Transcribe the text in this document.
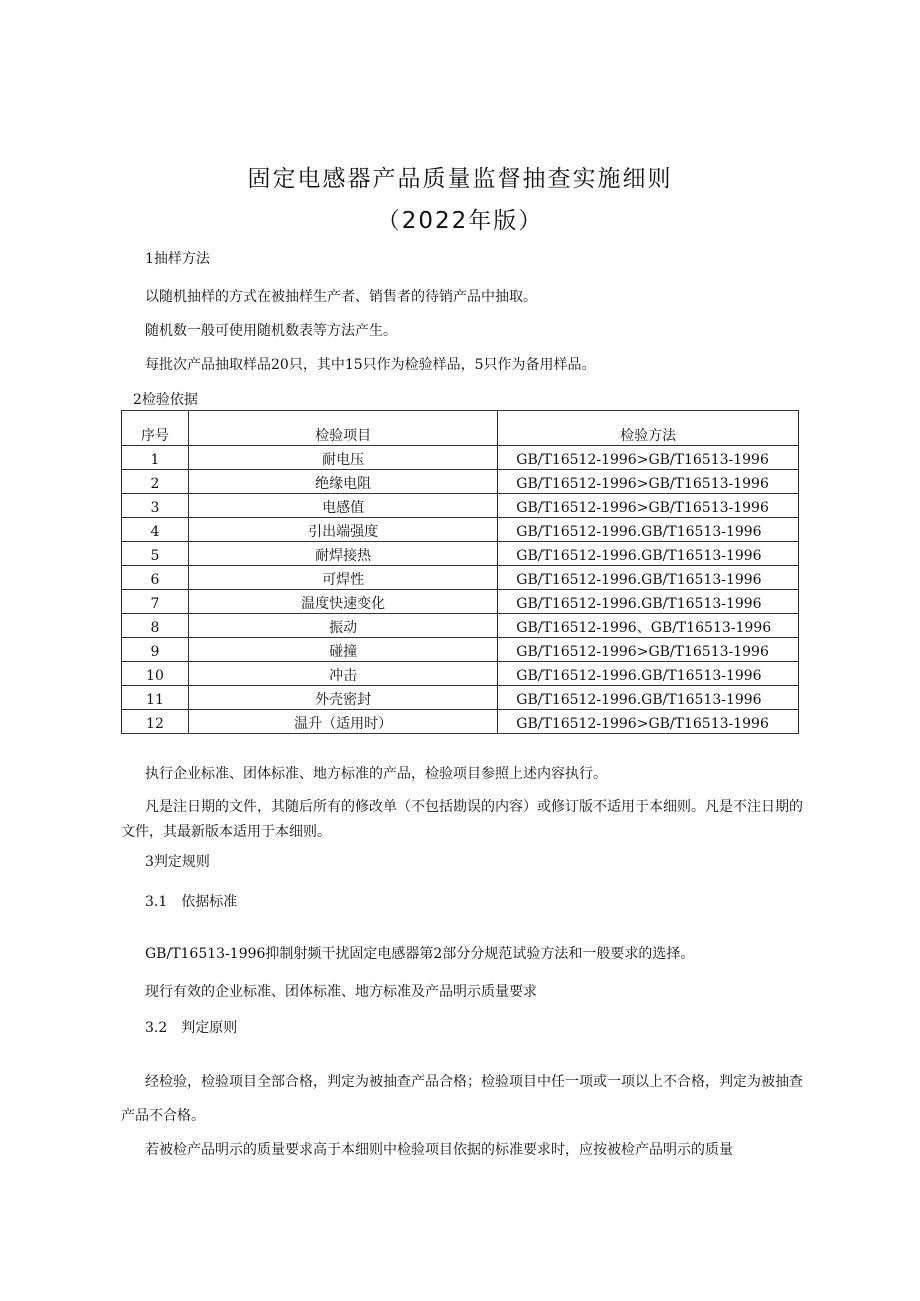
固定电感器产品质量监督抽查实施细则
（2022年版）
1抽样方法
以随机抽样的方式在被抽样生产者、销售者的待销产品中抽取。
随机数一般可使用随机数表等方法产生。
每批次产品抽取样品20只，其中15只作为检验样品，5只作为备用样品。
2检验依据
序号	检验项目	检验方法
1	耐电压	GB/T16512-1996>GB/T16513-1996
2	绝缘电阻	GB/T16512-1996>GB/T16513-1996
3	电感值	GB/T16512-1996>GB/T16513-1996
4	引出端强度	GB/T16512-1996.GB/T16513-1996
5	耐焊接热	GB/T16512-1996.GB/T16513-1996
6	可焊性	GB/T16512-1996.GB/T16513-1996
7	温度快速变化	GB/T16512-1996.GB/T16513-1996
8	振动	GB/T16512-1996、GB/T16513-1996
9	碰撞	GB/T16512-1996>GB/T16513-1996
10	冲击	GB/T16512-1996.GB/T16513-1996
11	外壳密封	GB/T16512-1996.GB/T16513-1996
12	温升（适用时）	GB/T16512-1996>GB/T16513-1996
执行企业标准、团体标准、地方标准的产品，检验项目参照上述内容执行。
凡是注日期的文件，其随后所有的修改单（不包括勘误的内容）或修订版不适用于本细则。凡是不注日期的文件，其最新版本适用于本细则。
3判定规则
3.1　依据标准
GB/T16513-1996抑制射频干扰固定电感器第2部分分规范试验方法和一般要求的选择。
现行有效的企业标准、团体标准、地方标准及产品明示质量要求
3.2　判定原则
经检验，检验项目全部合格，判定为被抽查产品合格；检验项目中任一项或一项以上不合格，判定为被抽查产品不合格。
若被检产品明示的质量要求高于本细则中检验项目依据的标准要求时，应按被检产品明示的质量
